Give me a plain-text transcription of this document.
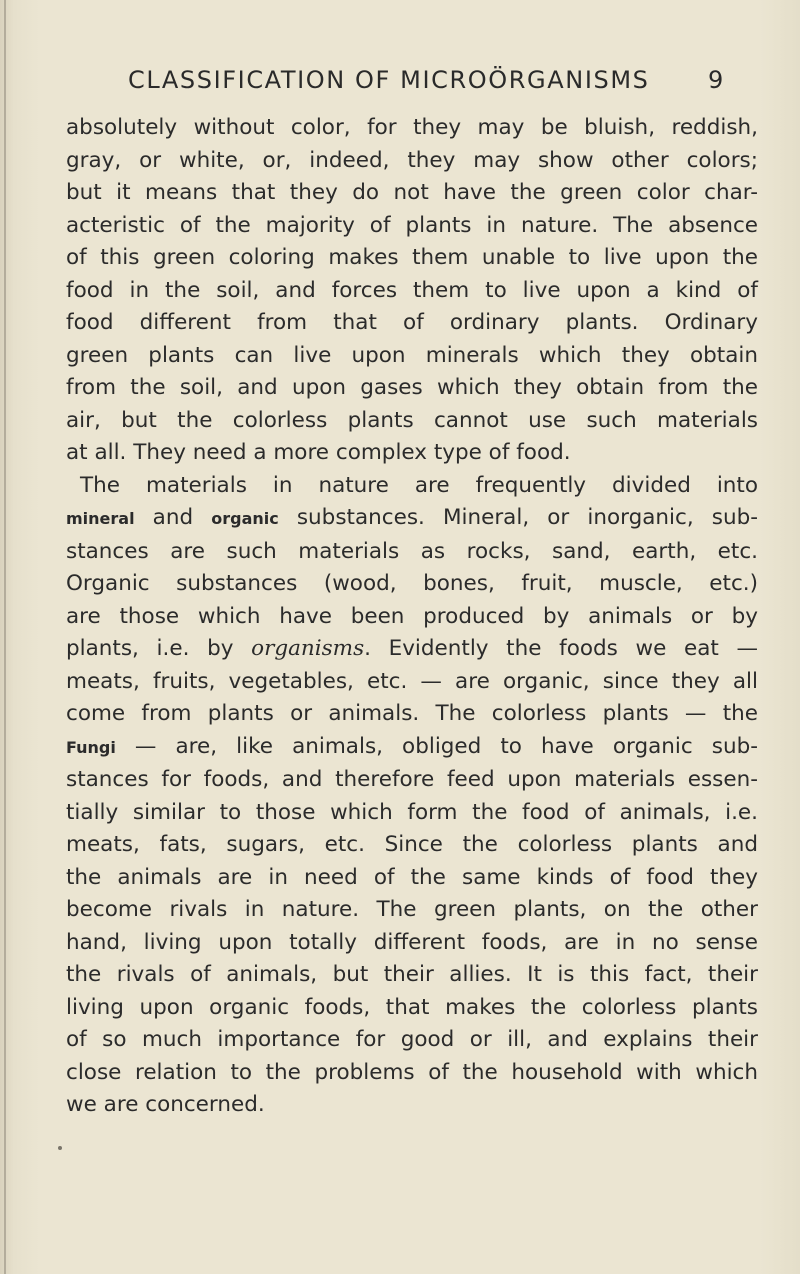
CLASSIFICATION OF MICROÖRGANISMS 9
absolutely without color, for they may be bluish, reddish,
gray, or white, or, indeed, they may show other colors;
but it means that they do not have the green color char-
acteristic of the majority of plants in nature. The absence
of this green coloring makes them unable to live upon the
food in the soil, and forces them to live upon a kind of
food different from that of ordinary plants. Ordinary
green plants can live upon minerals which they obtain
from the soil, and upon gases which they obtain from the
air, but the colorless plants cannot use such materials
at all. They need a more complex type of food.
The materials in nature are frequently divided into
mineral and organic substances. Mineral, or inorganic, sub-
stances are such materials as rocks, sand, earth, etc.
Organic substances (wood, bones, fruit, muscle, etc.)
are those which have been produced by animals or by
plants, i.e. by organisms. Evidently the foods we eat —
meats, fruits, vegetables, etc. — are organic, since they all
come from plants or animals. The colorless plants — the
Fungi — are, like animals, obliged to have organic sub-
stances for foods, and therefore feed upon materials essen-
tially similar to those which form the food of animals, i.e.
meats, fats, sugars, etc. Since the colorless plants and
the animals are in need of the same kinds of food they
become rivals in nature. The green plants, on the other
hand, living upon totally different foods, are in no sense
the rivals of animals, but their allies. It is this fact, their
living upon organic foods, that makes the colorless plants
of so much importance for good or ill, and explains their
close relation to the problems of the household with which
we are concerned.
